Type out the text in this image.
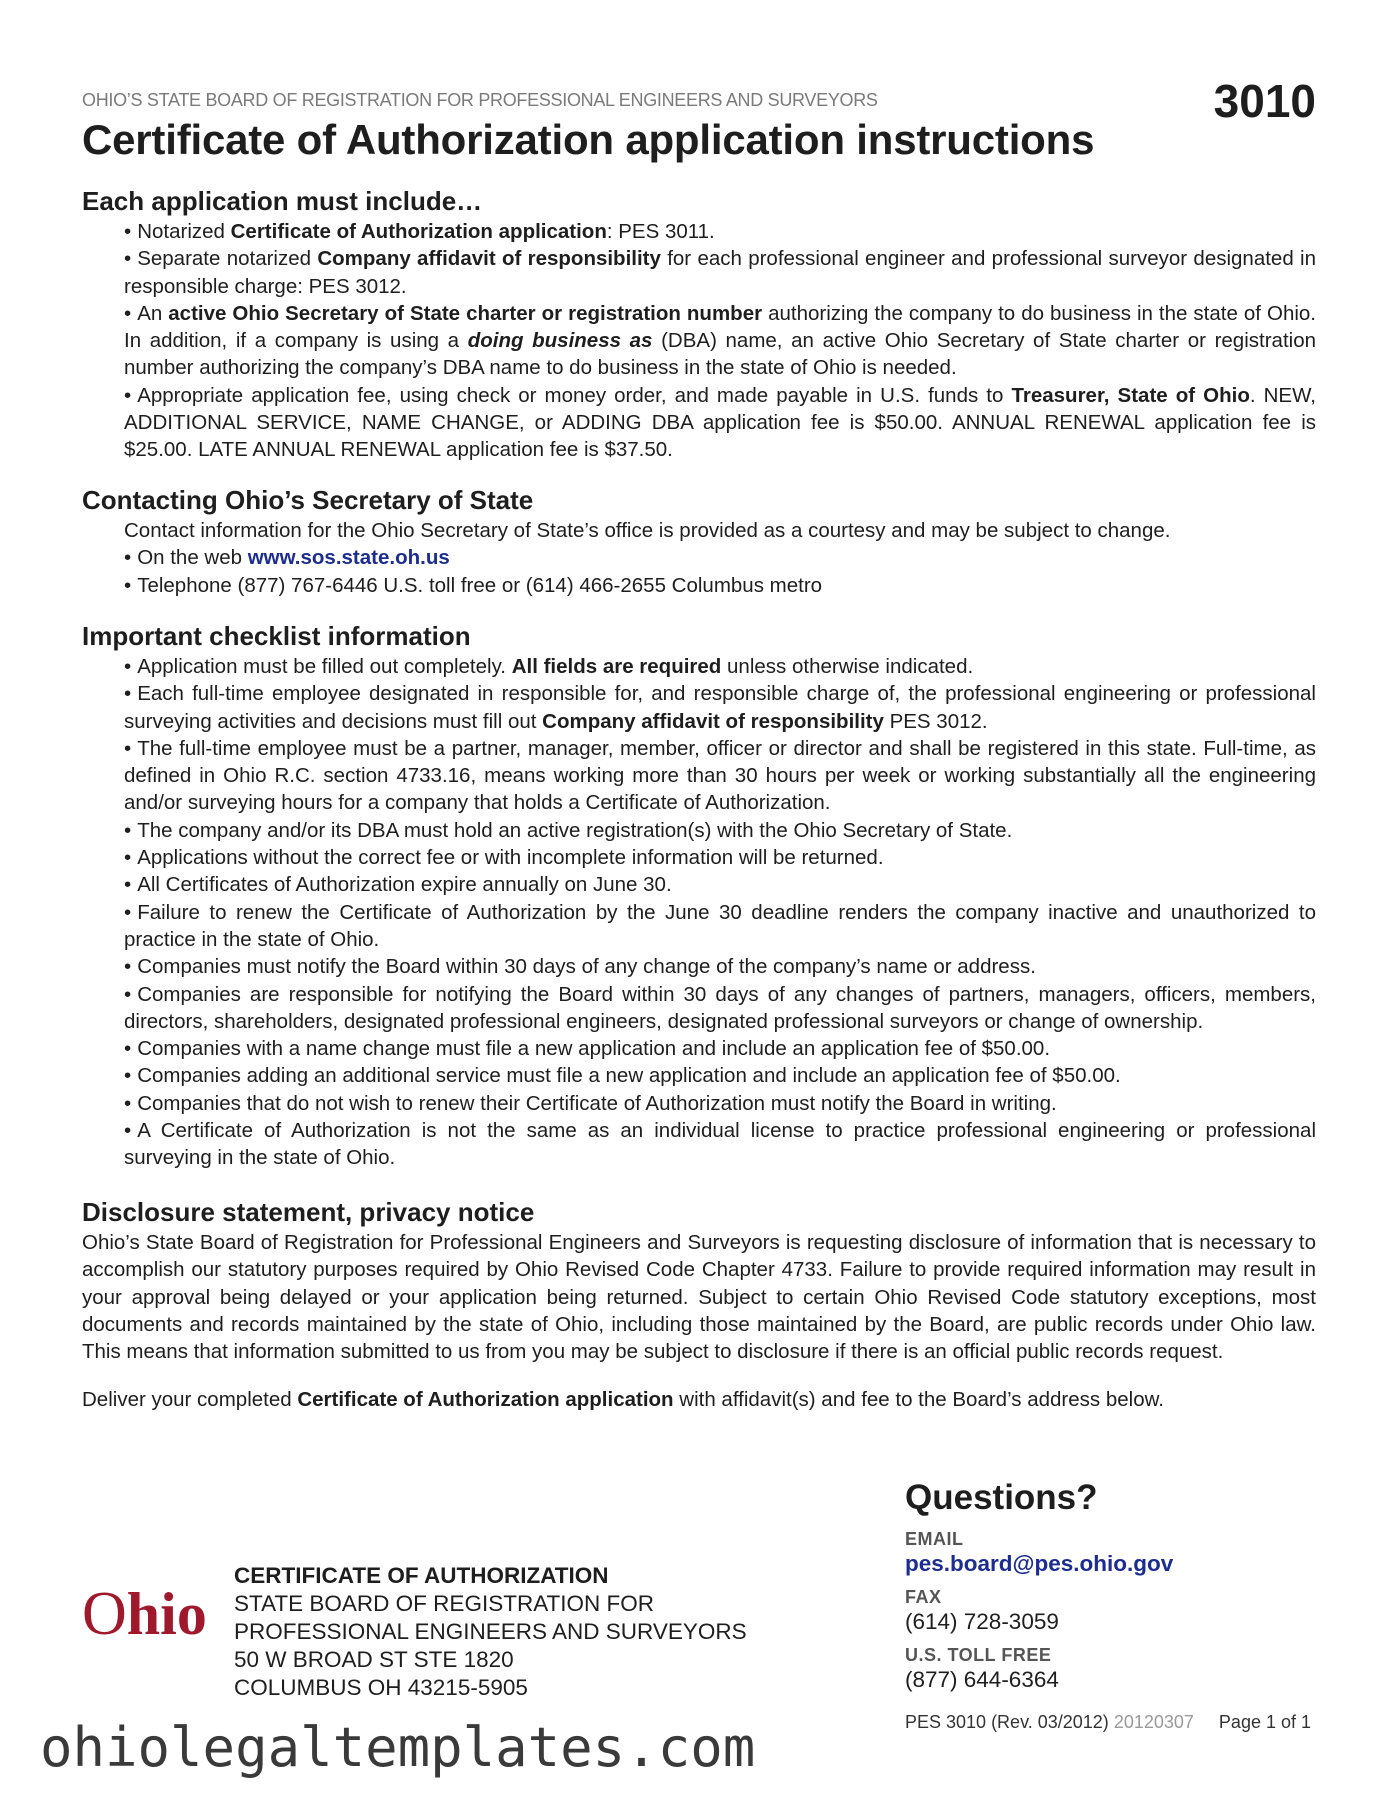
OHIO’S STATE BOARD OF REGISTRATION FOR PROFESSIONAL ENGINEERS AND SURVEYORS	3010
Certificate of Authorization application instructions
Each application must include…

• Notarized Certificate of Authorization application: PES 3011.

• Separate notarized Company affidavit of responsibility for each professional engineer and professional surveyor designated in responsible charge: PES 3012.

• An active Ohio Secretary of State charter or registration number authorizing the company to do business in the state of Ohio. In addition, if a company is using a doing business as (DBA) name, an active Ohio Secretary of State charter or registration number authorizing the company’s DBA name to do business in the state of Ohio is needed.

• Appropriate application fee, using check or money order, and made payable in U.S. funds to Treasurer, State of Ohio. NEW, ADDITIONAL SERVICE, NAME CHANGE, or ADDING DBA application fee is $50.00. ANNUAL RENEWAL application fee is $25.00. LATE ANNUAL RENEWAL application fee is $37.50.

Contacting Ohio’s Secretary of State

Contact information for the Ohio Secretary of State’s office is provided as a courtesy and may be subject to change.

• On the web www.sos.state.oh.us

• Telephone (877) 767-6446 U.S. toll free or (614) 466-2655 Columbus metro

Important checklist information

• Application must be filled out completely. All fields are required unless otherwise indicated.

• Each full-time employee designated in responsible for, and responsible charge of, the professional engineering or professional surveying activities and decisions must fill out Company affidavit of responsibility PES 3012.

• The full-time employee must be a partner, manager, member, officer or director and shall be registered in this state. Full-time, as defined in Ohio R.C. section 4733.16, means working more than 30 hours per week or working substantially all the engineering and/or surveying hours for a company that holds a Certificate of Authorization.

• The company and/or its DBA must hold an active registration(s) with the Ohio Secretary of State.

• Applications without the correct fee or with incomplete information will be returned.

• All Certificates of Authorization expire annually on June 30.

• Failure to renew the Certificate of Authorization by the June 30 deadline renders the company inactive and unauthorized to practice in the state of Ohio.

• Companies must notify the Board within 30 days of any change of the company’s name or address.

• Companies are responsible for notifying the Board within 30 days of any changes of partners, managers, officers, members, directors, shareholders, designated professional engineers, designated professional surveyors or change of ownership.

• Companies with a name change must file a new application and include an application fee of $50.00.

• Companies adding an additional service must file a new application and include an application fee of $50.00.

• Companies that do not wish to renew their Certificate of Authorization must notify the Board in writing.

• A Certificate of Authorization is not the same as an individual license to practice professional engineering or professional surveying in the state of Ohio.

Disclosure statement, privacy notice

Ohio’s State Board of Registration for Professional Engineers and Surveyors is requesting disclosure of information that is necessary to accomplish our statutory purposes required by Ohio Revised Code Chapter 4733. Failure to provide required information may result in your approval being delayed or your application being returned. Subject to certain Ohio Revised Code statutory exceptions, most documents and records maintained by the state of Ohio, including those maintained by the Board, are public records under Ohio law. This means that information submitted to us from you may be subject to disclosure if there is an official public records request.

Deliver your completed Certificate of Authorization application with affidavit(s) and fee to the Board’s address below.

Ohio
CERTIFICATE OF AUTHORIZATION
STATE BOARD OF REGISTRATION FOR
PROFESSIONAL ENGINEERS AND SURVEYORS
50 W BROAD ST STE 1820
COLUMBUS OH 43215-5905
Questions?
EMAIL
pes.board@pes.ohio.gov
FAX
(614) 728-3059
U.S. TOLL FREE
(877) 644-6364
PES 3010 (Rev. 03/2012) 20120307 Page 1 of 1
ohiolegaltemplates.com
